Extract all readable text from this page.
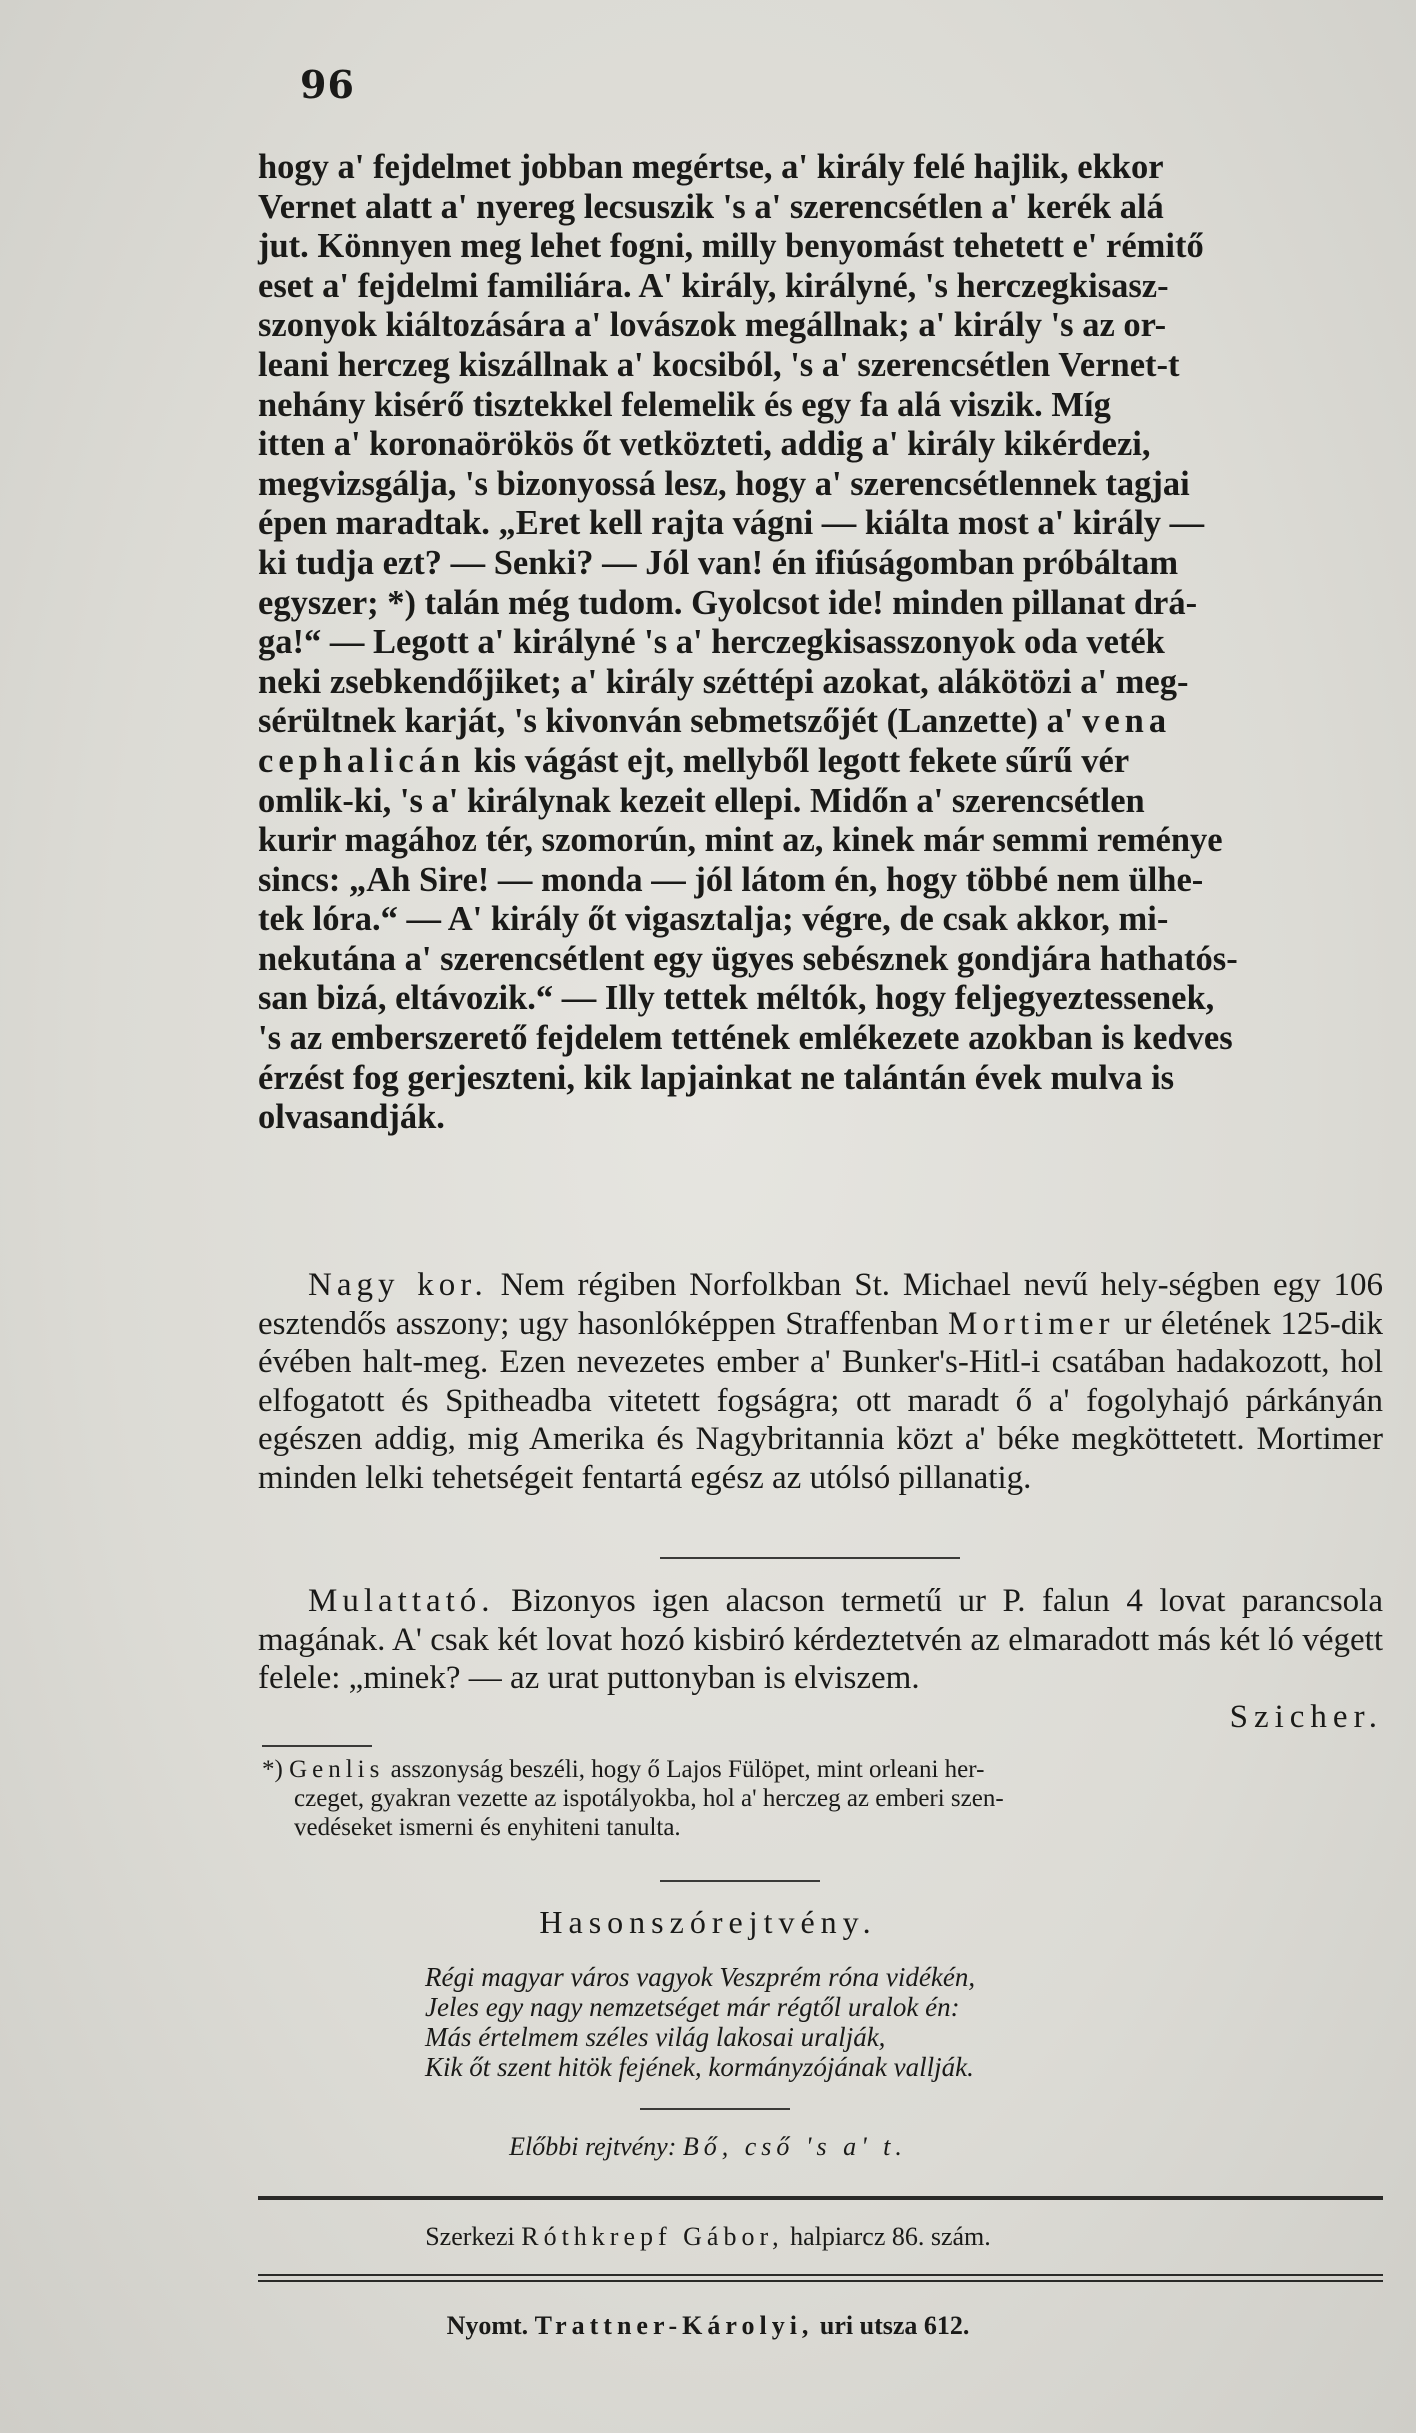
96

hogy a' fejdelmet jobban megértse, a' király felé hajlik, ekkor

Vernet alatt a' nyereg lecsuszik 's a' szerencsétlen a' kerék alá

jut. Könnyen meg lehet fogni, milly benyomást tehetett e' rémitő

eset a' fejdelmi familiára. A' király, királyné, 's herczegkisasz-

szonyok kiáltozására a' lovászok megállnak; a' király 's az or-

leani herczeg kiszállnak a' kocsiból, 's a' szerencsétlen Vernet-t

nehány kisérő tisztekkel felemelik és egy fa alá viszik. Míg

itten a' koronaörökös őt vetközteti, addig a' király kikérdezi,

megvizsgálja, 's bizonyossá lesz, hogy a' szerencsétlennek tagjai

épen maradtak. „Eret kell rajta vágni — kiálta most a' király —

ki tudja ezt? — Senki? — Jól van! én ifiúságomban próbáltam

egyszer; *) talán még tudom. Gyolcsot ide! minden pillanat drá-

ga!“ — Legott a' királyné 's a' herczegkisasszonyok oda veték

neki zsebkendőjiket; a' király széttépi azokat, alákötözi a' meg-

sérültnek karját, 's kivonván sebmetszőjét (Lanzette) a' vena

cephalicán kis vágást ejt, mellyből legott fekete sűrű vér

omlik-ki, 's a' királynak kezeit ellepi. Midőn a' szerencsétlen

kurir magához tér, szomorún, mint az, kinek már semmi reménye

sincs: „Ah Sire! — monda — jól látom én, hogy többé nem ülhe-

tek lóra.“ — A' király őt vigasztalja; végre, de csak akkor, mi-

nekutána a' szerencsétlent egy ügyes sebésznek gondjára hathatós-

san bizá, eltávozik.“ — Illy tettek méltók, hogy feljegyeztessenek,

's az emberszerető fejdelem tettének emlékezete azokban is kedves

érzést fog gerjeszteni, kik lapjainkat ne talántán évek mulva is

olvasandják.

Nagy kor. Nem régiben Norfolkban St. Michael nevű hely-ségben egy 106 esztendős asszony; ugy hasonlóképpen Straffenban Mortimer ur életének 125-dik évében halt-meg. Ezen nevezetes ember a' Bunker's-Hitl-i csatában hadakozott, hol elfogatott és Spitheadba vitetett fogságra; ott maradt ő a' fogolyhajó párkányán egészen addig, mig Amerika és Nagybritannia közt a' béke megköttetett. Mortimer minden lelki tehetségeit fentartá egész az utólsó pillanatig.

Mulattató. Bizonyos igen alacson termetű ur P. falun 4 lovat parancsola magának. A' csak két lovat hozó kisbiró kérdeztetvén az elmaradott más két ló végett felele: „minek? — az urat puttonyban is elviszem.
Szicher.

*) Genlis asszonyság beszéli, hogy ő Lajos Fülöpet, mint orleani her-
czeget, gyakran vezette az ispotályokba, hol a' herczeg az emberi szen-
vedéseket ismerni és enyhiteni tanulta.
Hasonszórejtvény.
Régi magyar város vagyok Veszprém róna vidékén,
Jeles egy nagy nemzetséget már régtől uralok én:
Más értelmem széles világ lakosai uralják,
Kik őt szent hitök fejének, kormányzójának vallják.
Előbbi rejtvény: Bő, cső 's a' t.
Szerkezi Róthkrepf Gábor, halpiarcz 86. szám.
Nyomt. Trattner-Károlyi, uri utsza 612.
